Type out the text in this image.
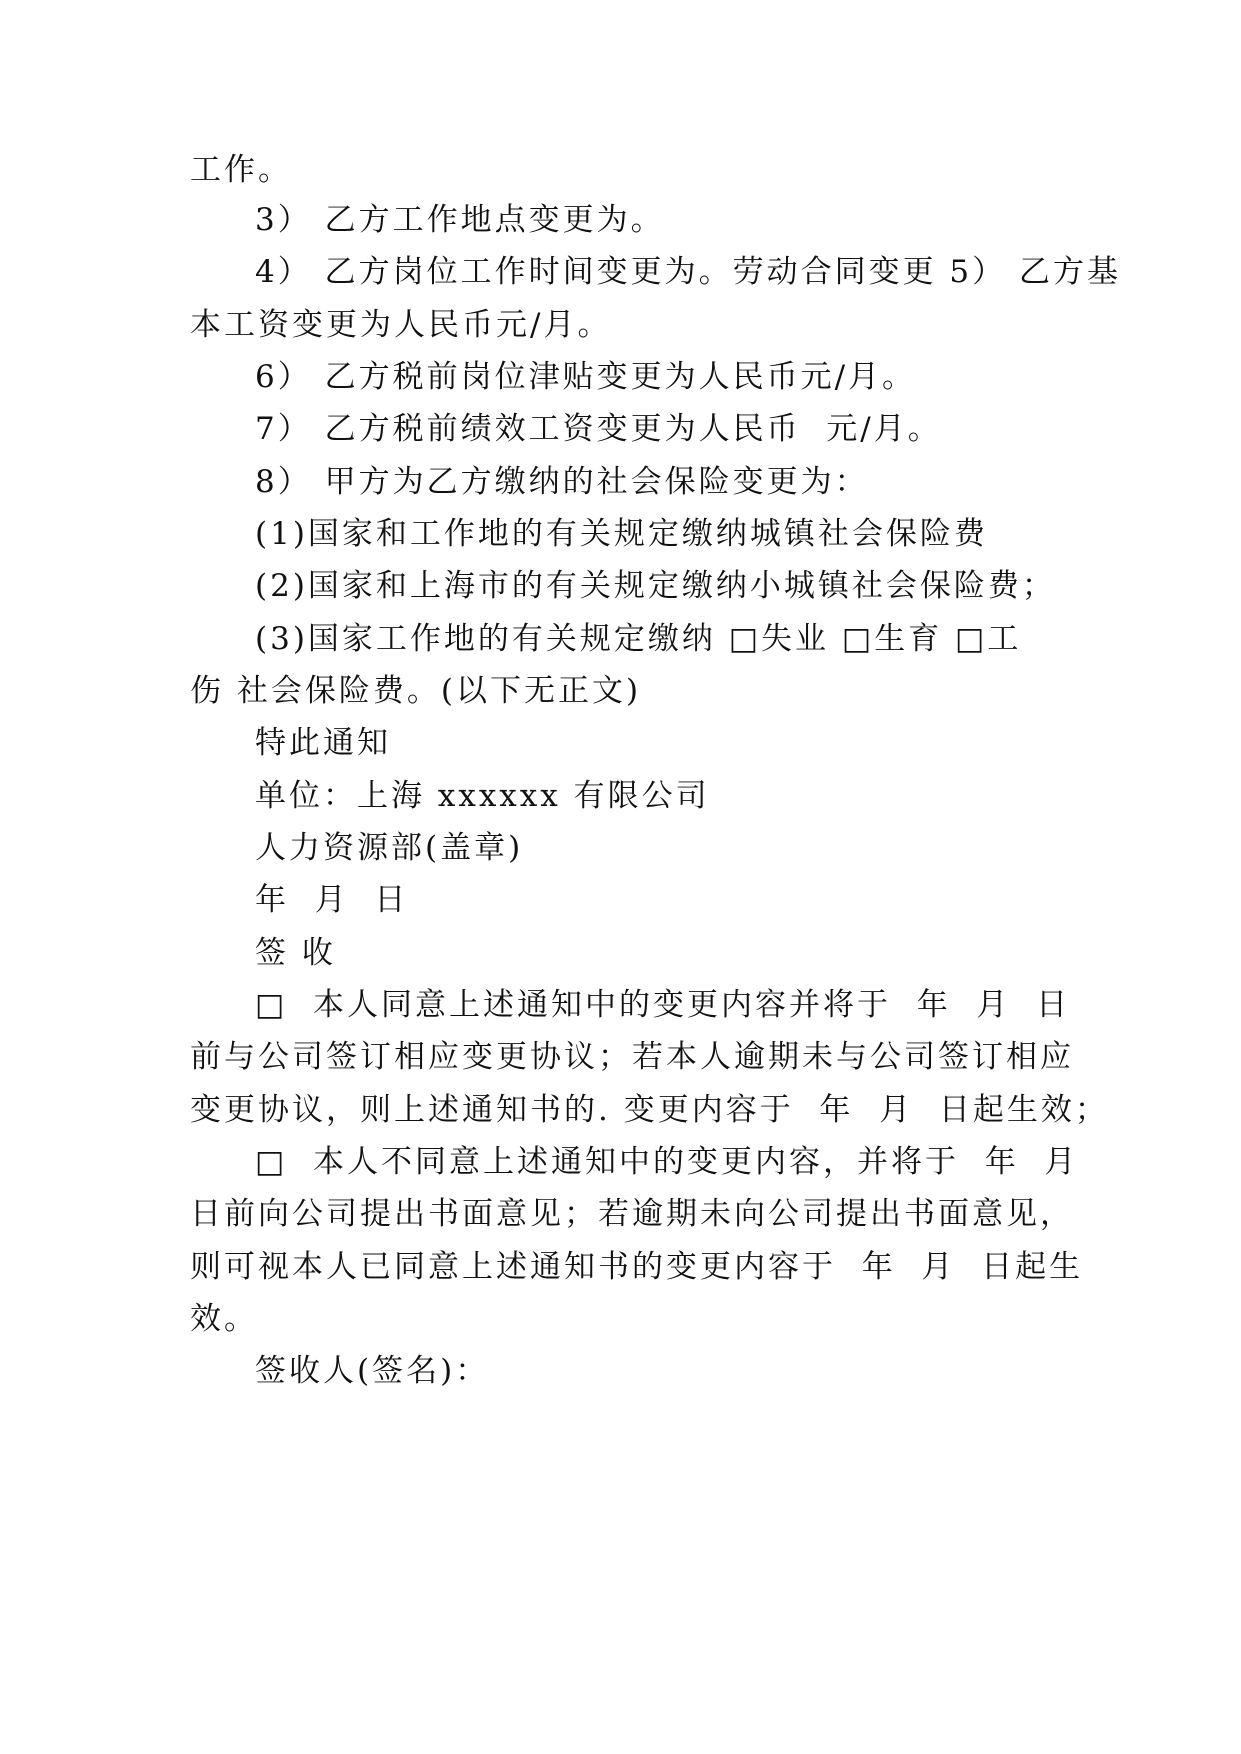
工作。
3） 乙方工作地点变更为。
4） 乙方岗位工作时间变更为。劳动合同变更 5） 乙方基
本工资变更为人民币元/月。
6） 乙方税前岗位津贴变更为人民币元/月。
7） 乙方税前绩效工资变更为人民币  元/月。
8） 甲方为乙方缴纳的社会保险变更为：
(1)国家和工作地的有关规定缴纳城镇社会保险费
(2)国家和上海市的有关规定缴纳小城镇社会保险费；
(3)国家工作地的有关规定缴纳 □失业 □生育 □工
伤 社会保险费。(以下无正文)
特此通知
单位：上海 xxxxxx 有限公司
人力资源部(盖章)
年  月  日
签 收
□  本人同意上述通知中的变更内容并将于  年  月  日
前与公司签订相应变更协议；若本人逾期未与公司签订相应
变更协议，则上述通知书的. 变更内容于  年  月  日起生效；
□  本人不同意上述通知中的变更内容，并将于  年  月
日前向公司提出书面意见；若逾期未向公司提出书面意见，
则可视本人已同意上述通知书的变更内容于  年  月  日起生
效。
签收人(签名)：
